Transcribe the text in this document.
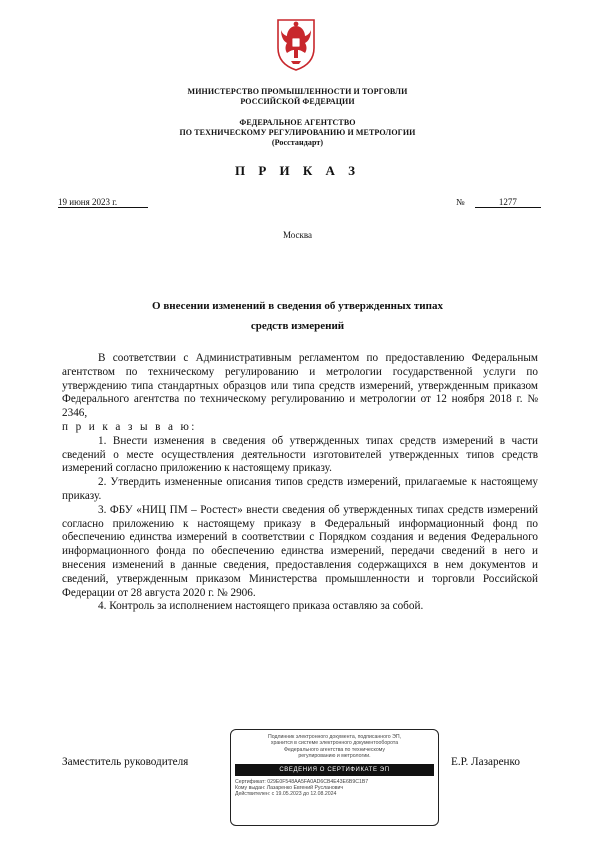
МИНИСТЕРСТВО ПРОМЫШЛЕННОСТИ И ТОРГОВЛИ
РОССИЙСКОЙ ФЕДЕРАЦИИ
ФЕДЕРАЛЬНОЕ АГЕНТСТВО
ПО ТЕХНИЧЕСКОМУ РЕГУЛИРОВАНИЮ И МЕТРОЛОГИИ
(Росстандарт)
П Р И К А З
19 июня 2023 г.	№	1277
Москва
О внесении изменений в сведения об утвержденных типах
средств измерений

В соответствии с Административным регламентом по предоставлению Федеральным агентством по техническому регулированию и метрологии государственной услуги по утверждению типа стандартных образцов или типа средств измерений, утвержденным приказом Федерального агентства по техническому регулированию и метрологии от 12 ноября 2018 г. № 2346,

п р и к а з ы в а ю:

1. Внести изменения в сведения об утвержденных типах средств измерений в части сведений о месте осуществления деятельности изготовителей утвержденных типов средств измерений согласно приложению к настоящему приказу.

2. Утвердить измененные описания типов средств измерений, прилагаемые к настоящему приказу.

3. ФБУ «НИЦ ПМ – Ростест» внести сведения об утвержденных типах средств измерений согласно приложению к настоящему приказу в Федеральный информационный фонд по обеспечению единства измерений в соответствии с Порядком создания и ведения Федерального информационного фонда по обеспечению единства измерений, передачи сведений в него и внесения изменений в данные сведения, предоставления содержащихся в нем документов и сведений, утвержденным приказом Министерства промышленности и торговли Российской Федерации от 28 августа 2020 г. № 2906.

4. Контроль за исполнением настоящего приказа оставляю за собой.

Заместитель руководителя	Е.Р. Лазаренко
Подлинник электронного документа, подписанного ЭП,
хранится в системе электронного документооборота
Федерального агентства по техническому
регулированию и метрологии.
СВЕДЕНИЯ О СЕРТИФИКАТЕ ЭП
Сертификат: 029E0F548AA5FA0AD6CB4E43E6B9C1B7
Кому выдан: Лазаренко Евгений Русланович
Действителен: с 19.05.2023 до 12.08.2024
